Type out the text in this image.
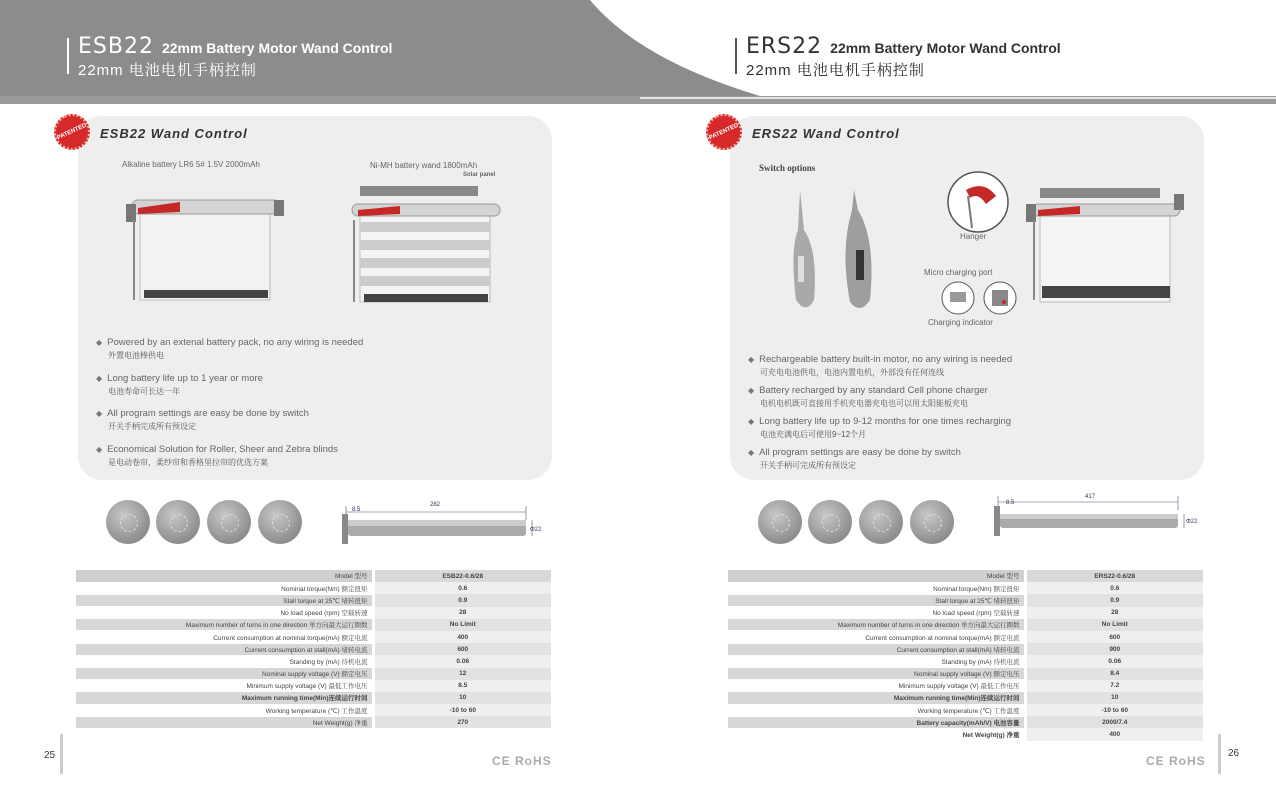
ESB22 22mm Battery Motor Wand Control
22mm 电池电机手柄控制
ERS22 22mm Battery Motor Wand Control
22mm 电池电机手柄控制
PATENTED ESB22 Wand Control
Alkaline battery LR6 5# 1.5V 2000mAh	Ni-MH battery wand 1800mAh
Solar panel
◆ Powered by an extenal battery pack, no any wiring is needed
外置电池棒供电
◆ Long battery life up to 1 year or more
电池寿命可长达一年
◆ All program settings are easy be done by switch
开关手柄完成所有预设定
◆ Economical Solution for Roller, Sheer and Zebra blinds
是电动卷帘，柔纱帘和香格里拉帘的优选方案
8.5
282
Φ22
Model 型号	ESB22-0.6/28
Nominal torque(Nm) 额定扭矩	0.6
Stall torque at 25℃ 堵转扭矩	0.9
No load speed (rpm) 空载转速	28
Maximum number of turns in one direction 单方向最大运行圈数	No Limit
Current consumption at nominal torque(mA) 额定电流	400
Current consumption at stall(mA) 堵转电流	600
Standing by (mA) 待机电流	0.06
Nominal supply voltage (V) 额定电压	12
Minimum supply voltage (V) 最低工作电压	8.5
Maximum running time(Min)连续运行时间	10
Working temperature (℃) 工作温度	-10 to 60
Net Weight(g) 净重	270
25	CE RoHS
PATENTED ERS22 Wand Control
Switch options
Hanger
Micro charging port
Charging indicator
◆ Rechargeable battery built-in motor, no any wiring is needed
可充电电池供电，电池内置电机，外部没有任何连线
◆ Battery recharged by any standard Cell phone charger
电机电机既可直接用手机充电器充电也可以用太阳能板充电
◆ Long battery life up to 9-12 months for one times recharging
电池充满电后可使用9~12个月
◆ All program settings are easy be done by switch
开关手柄可完成所有预设定
8.5
417
Φ22
Model 型号	ERS22-0.6/28
Nominal torque(Nm) 额定扭矩	0.6
Stall torque at 25℃ 堵转扭矩	0.9
No load speed (rpm) 空载转速	28
Maximum number of turns in one direction 单方向最大运行圈数	No Limit
Current consumption at nominal torque(mA) 额定电流	600
Current consumption at stall(mA) 堵转电流	900
Standing by (mA) 待机电流	0.06
Nominal supply voltage (V) 额定电压	8.4
Minimum supply voltage (V) 最低工作电压	7.2
Maximum running time(Min)连续运行时间	10
Working temperature (℃) 工作温度	-10 to 60
Battery capacity(mAh/V) 电池容量	2000/7.4
Net Weight(g) 净重	400
26
CE RoHS
